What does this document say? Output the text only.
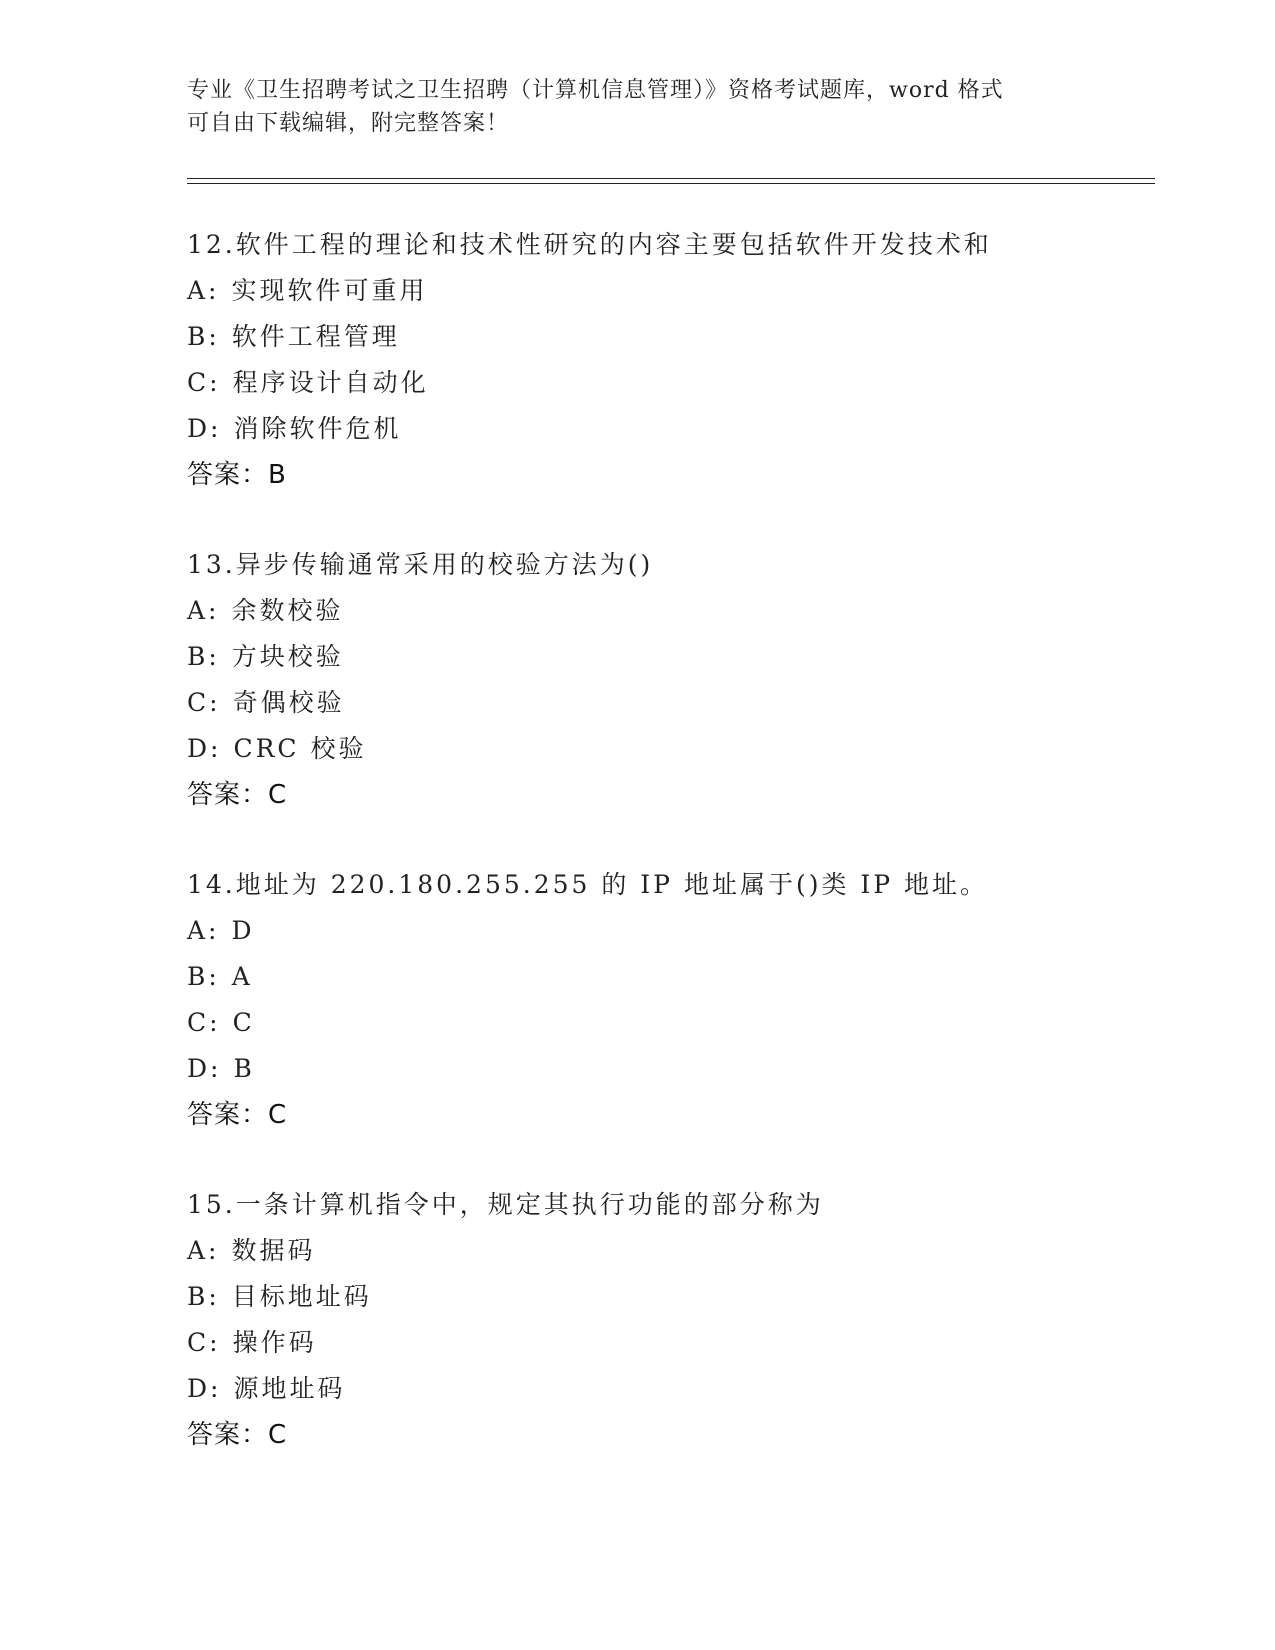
专业《卫生招聘考试之卫生招聘（计算机信息管理）》资格考试题库，word 格式
可自由下载编辑，附完整答案！
12.软件工程的理论和技术性研究的内容主要包括软件开发技术和
A: 实现软件可重用
B: 软件工程管理
C: 程序设计自动化
D: 消除软件危机
答案：B
13.异步传输通常采用的校验方法为()
A: 余数校验
B: 方块校验
C: 奇偶校验
D: CRC 校验
答案：C
14.地址为 220.180.255.255 的 IP 地址属于()类 IP 地址。
A: D
B: A
C: C
D: B
答案：C
15.一条计算机指令中，规定其执行功能的部分称为
A: 数据码
B: 目标地址码
C: 操作码
D: 源地址码
答案：C
